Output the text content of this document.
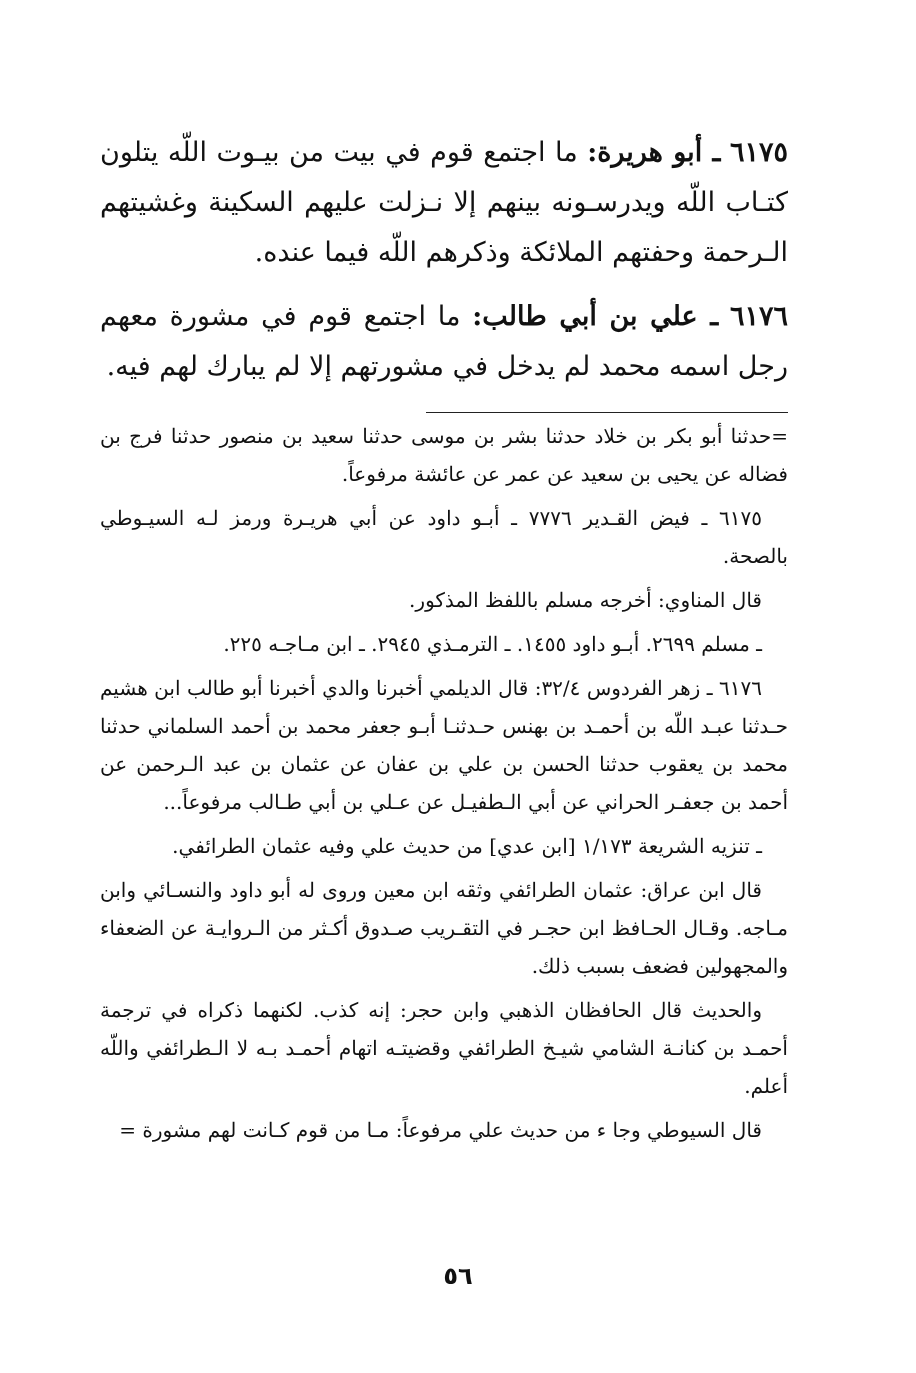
٦١٧٥ ـ أبو هريرة: ما اجتمع قوم في بيت من بيـوت اللّه يتلون كتـاب اللّه ويدرسـونه بينهم إلا نـزلت عليهم السكينة وغشيتهم الـرحمة وحفتهم الملائكة وذكرهم اللّه فيما عنده.

٦١٧٦ ـ علي بن أبي طالب: ما اجتمع قوم في مشورة معهم رجل اسمه محمد لم يدخل في مشورتهم إلا لم يبارك لهم فيه.

=حدثنا أبو بكر بن خلاد حدثنا بشر بن موسى حدثنا سعيد بن منصور حدثنا فرج بن فضاله عن يحيى بن سعيد عن عمر عن عائشة مرفوعاً.

٦١٧٥ ـ فيض القـدير ٧٧٧٦ ـ أبـو داود عن أبي هريـرة ورمز لـه السيـوطي بالصحة.

قال المناوي: أخرجه مسلم باللفظ المذكور.

ـ مسلم ٢٦٩٩. أبـو داود ١٤٥٥. ـ الترمـذي ٢٩٤٥. ـ ابن مـاجـه ٢٢٥.

٦١٧٦ ـ زهر الفردوس ٣٢/٤: قال الديلمي أخبرنا والدي أخبرنا أبو طالب ابن هشيم حـدثنا عبـد اللّه بن أحمـد بن بهنس حـدثنـا أبـو جعفر محمد بن أحمد السلماني حدثنا محمد بن يعقوب حدثنا الحسن بن علي بن عفان عن عثمان بن عبد الـرحمن عن أحمد بن جعفـر الحراني عن أبي الـطفيـل عن عـلي بن أبي طـالب مرفوعاً...

ـ تنزيه الشريعة ١/١٧٣ [ابن عدي] من حديث علي وفيه عثمان الطرائفي.

قال ابن عراق: عثمان الطرائفي وثقه ابن معين وروى له أبو داود والنسـائي وابن مـاجه. وقـال الحـافظ ابن حجـر في التقـريب صـدوق أكـثر من الـروايـة عن الضعفاء والمجهولين فضعف بسبب ذلك.

والحديث قال الحافظان الذهبي وابن حجر: إنه كذب. لكنهما ذكراه في ترجمة أحمـد بن كنانـة الشامي شيـخ الطرائفي وقضيتـه اتهام أحمـد بـه لا الـطرائفي واللّه أعلم.

قال السيوطي وجا ء من حديث علي مرفوعاً: مـا من قوم كـانت لهم مشورة =

٥٦
